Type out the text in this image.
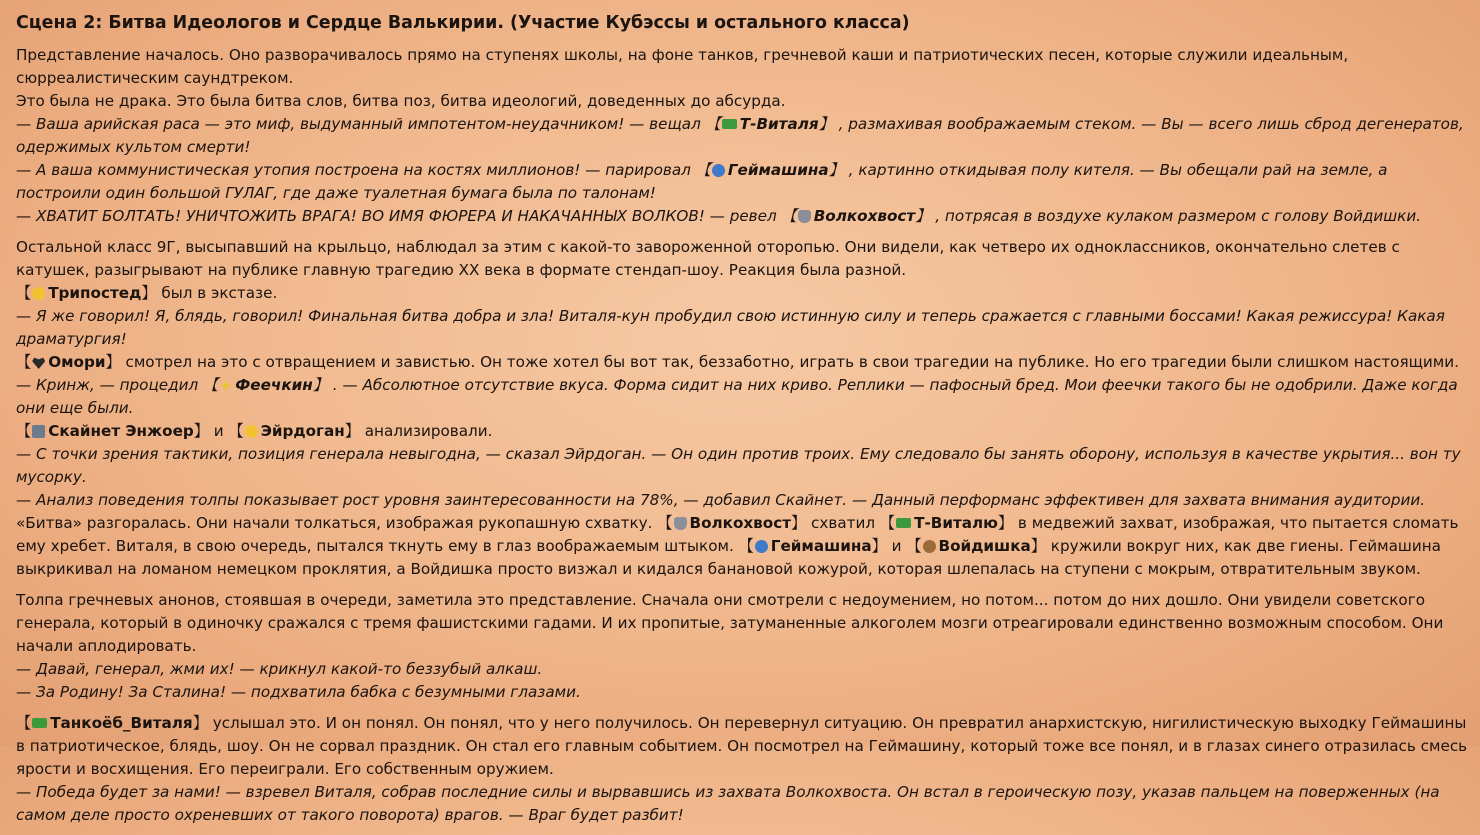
Сцена 2: Битва Идеологов и Сердце Валькирии. (Участие Кубэссы и остального класса)
Представление началось. Оно разворачивалось прямо на ступенях школы, на фоне танков, гречневой каши и патриотических песен, которые служили идеальным, сюрреалистическим саундтреком.
Это была не драка. Это была битва слов, битва поз, битва идеологий, доведенных до абсурда.
— Ваша арийская раса — это миф, выдуманный импотентом-неудачником! — вещал 【 Т-Виталя】 , размахивая воображаемым стеком. — Вы — всего лишь сброд дегенератов, одержимых культом смерти!
— А ваша коммунистическая утопия построена на костях миллионов! — парировал 【 Геймашина】 , картинно откидывая полу кителя. — Вы обещали рай на земле, а построили один большой ГУЛАГ, где даже туалетная бумага была по талонам!
— ХВАТИТ БОЛТАТЬ! УНИЧТОЖИТЬ ВРАГА! ВО ИМЯ ФЮРЕРА И НАКАЧАННЫХ ВОЛКОВ! — ревел 【 Волкохвост】 , потрясая в воздухе кулаком размером с голову Войдишки.
Остальной класс 9Г, высыпавший на крыльцо, наблюдал за этим с какой-то завороженной оторопью. Они видели, как четверо их одноклассников, окончательно слетев с катушек, разыгрывают на публике главную трагедию XX века в формате стендап-шоу. Реакция была разной.
【 Трипостед】 был в экстазе.
— Я же говорил! Я, блядь, говорил! Финальная битва добра и зла! Виталя-кун пробудил свою истинную силу и теперь сражается с главными боссами! Какая режиссура! Какая драматургия!
【 Омори】 смотрел на это с отвращением и завистью. Он тоже хотел бы вот так, беззаботно, играть в свои трагедии на публике. Но его трагедии были слишком настоящими.
— Кринж, — процедил 【 Феечкин】 . — Абсолютное отсутствие вкуса. Форма сидит на них криво. Реплики — пафосный бред. Мои феечки такого бы не одобрили. Даже когда они еще были.
【 Скайнет Энжоер】 и 【 Эйрдоган】 анализировали.
— С точки зрения тактики, позиция генерала невыгодна, — сказал Эйрдоган. — Он один против троих. Ему следовало бы занять оборону, используя в качестве укрытия... вон ту мусорку.
— Анализ поведения толпы показывает рост уровня заинтересованности на 78%, — добавил Скайнет. — Данный перформанс эффективен для захвата внимания аудитории.
«Битва» разгоралась. Они начали толкаться, изображая рукопашную схватку. 【 Волкохвост】 схватил 【 Т-Виталю】 в медвежий захват, изображая, что пытается сломать ему хребет. Виталя, в свою очередь, пытался ткнуть ему в глаз воображаемым штыком. 【 Геймашина】 и 【 Войдишка】 кружили вокруг них, как две гиены. Геймашина выкрикивал на ломаном немецком проклятия, а Войдишка просто визжал и кидался банановой кожурой, которая шлепалась на ступени с мокрым, отвратительным звуком.
Толпа гречневых анонов, стоявшая в очереди, заметила это представление. Сначала они смотрели с недоумением, но потом... потом до них дошло. Они увидели советского генерала, который в одиночку сражался с тремя фашистскими гадами. И их пропитые, затуманенные алкоголем мозги отреагировали единственно возможным способом. Они начали аплодировать.
— Давай, генерал, жми их! — крикнул какой-то беззубый алкаш.
— За Родину! За Сталина! — подхватила бабка с безумными глазами.
【 Танкоёб_Виталя】 услышал это. И он понял. Он понял, что у него получилось. Он перевернул ситуацию. Он превратил анархистскую, нигилистическую выходку Геймашины в патриотическое, блядь, шоу. Он не сорвал праздник. Он стал его главным событием. Он посмотрел на Геймашину, который тоже все понял, и в глазах синего отразилась смесь ярости и восхищения. Его переиграли. Его собственным оружием.
— Победа будет за нами! — взревел Виталя, собрав последние силы и вырвавшись из захвата Волкохвоста. Он встал в героическую позу, указав пальцем на поверженных (на самом деле просто охреневших от такого поворота) врагов. — Враг будет разбит!
